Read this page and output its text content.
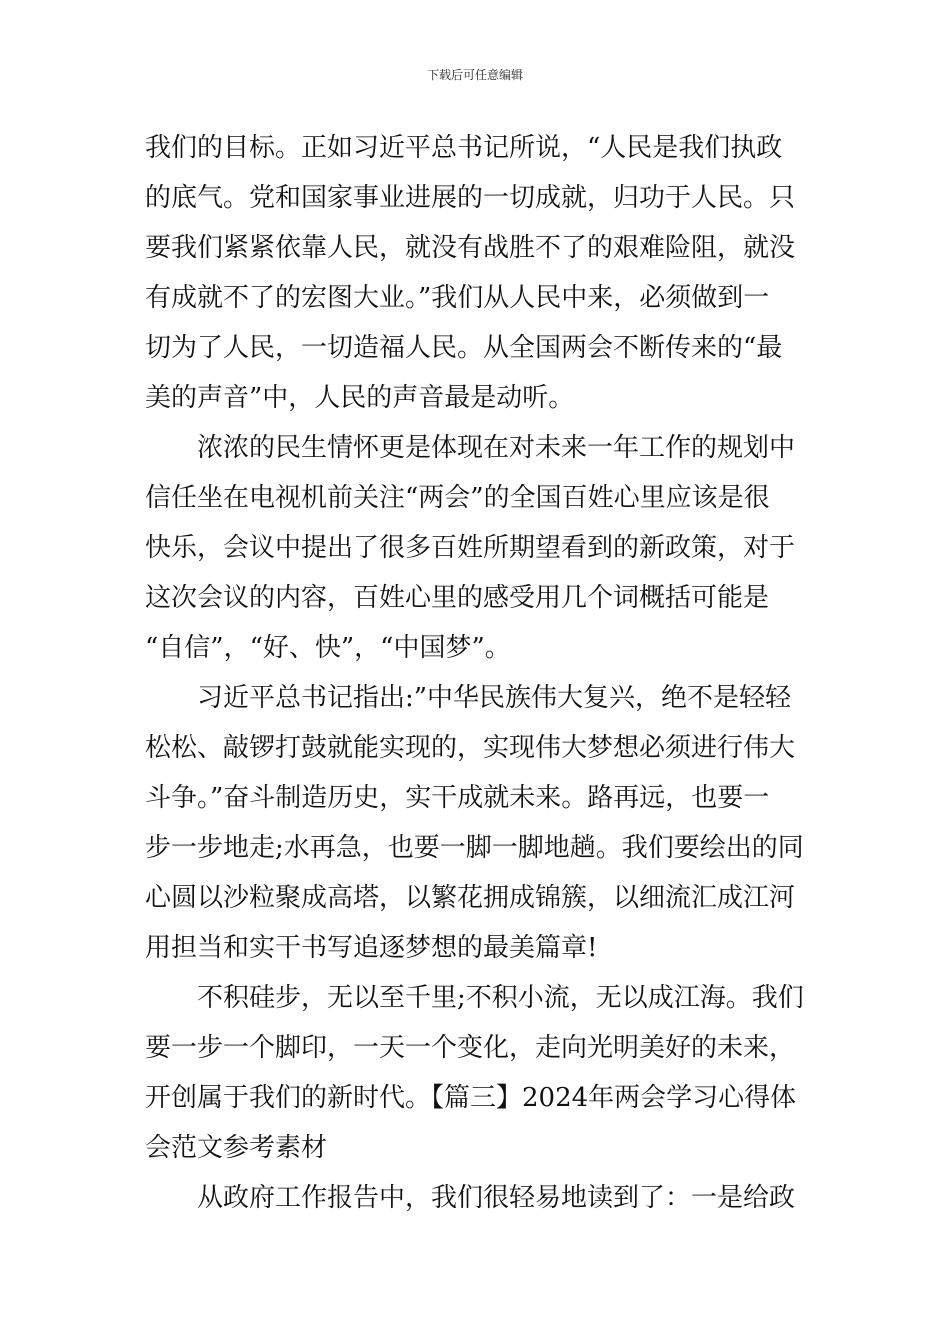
下载后可任意编辑
我们的目标。正如习近平总书记所说，“人民是我们执政
的底气。党和国家事业进展的一切成就，归功于人民。只
要我们紧紧依靠人民，就没有战胜不了的艰难险阻，就没
有成就不了的宏图大业。”我们从人民中来，必须做到一
切为了人民，一切造福人民。从全国两会不断传来的“最
美的声音”中，人民的声音最是动听。
浓浓的民生情怀更是体现在对未来一年工作的规划中
信任坐在电视机前关注“两会”的全国百姓心里应该是很
快乐，会议中提出了很多百姓所期望看到的新政策，对于
这次会议的内容，百姓心里的感受用几个词概括可能是
“自信”，“好、快”，“中国梦”。
习近平总书记指出:”中华民族伟大复兴，绝不是轻轻
松松、敲锣打鼓就能实现的，实现伟大梦想必须进行伟大
斗争。”奋斗制造历史，实干成就未来。路再远，也要一
步一步地走;水再急，也要一脚一脚地趟。我们要绘出的同
心圆以沙粒聚成高塔，以繁花拥成锦簇，以细流汇成江河
用担当和实干书写追逐梦想的最美篇章!
不积硅步，无以至千里;不积小流，无以成江海。我们
要一步一个脚印，一天一个变化，走向光明美好的未来，
开创属于我们的新时代。【篇三】2024年两会学习心得体
会范文参考素材
从政府工作报告中，我们很轻易地读到了：一是给政
